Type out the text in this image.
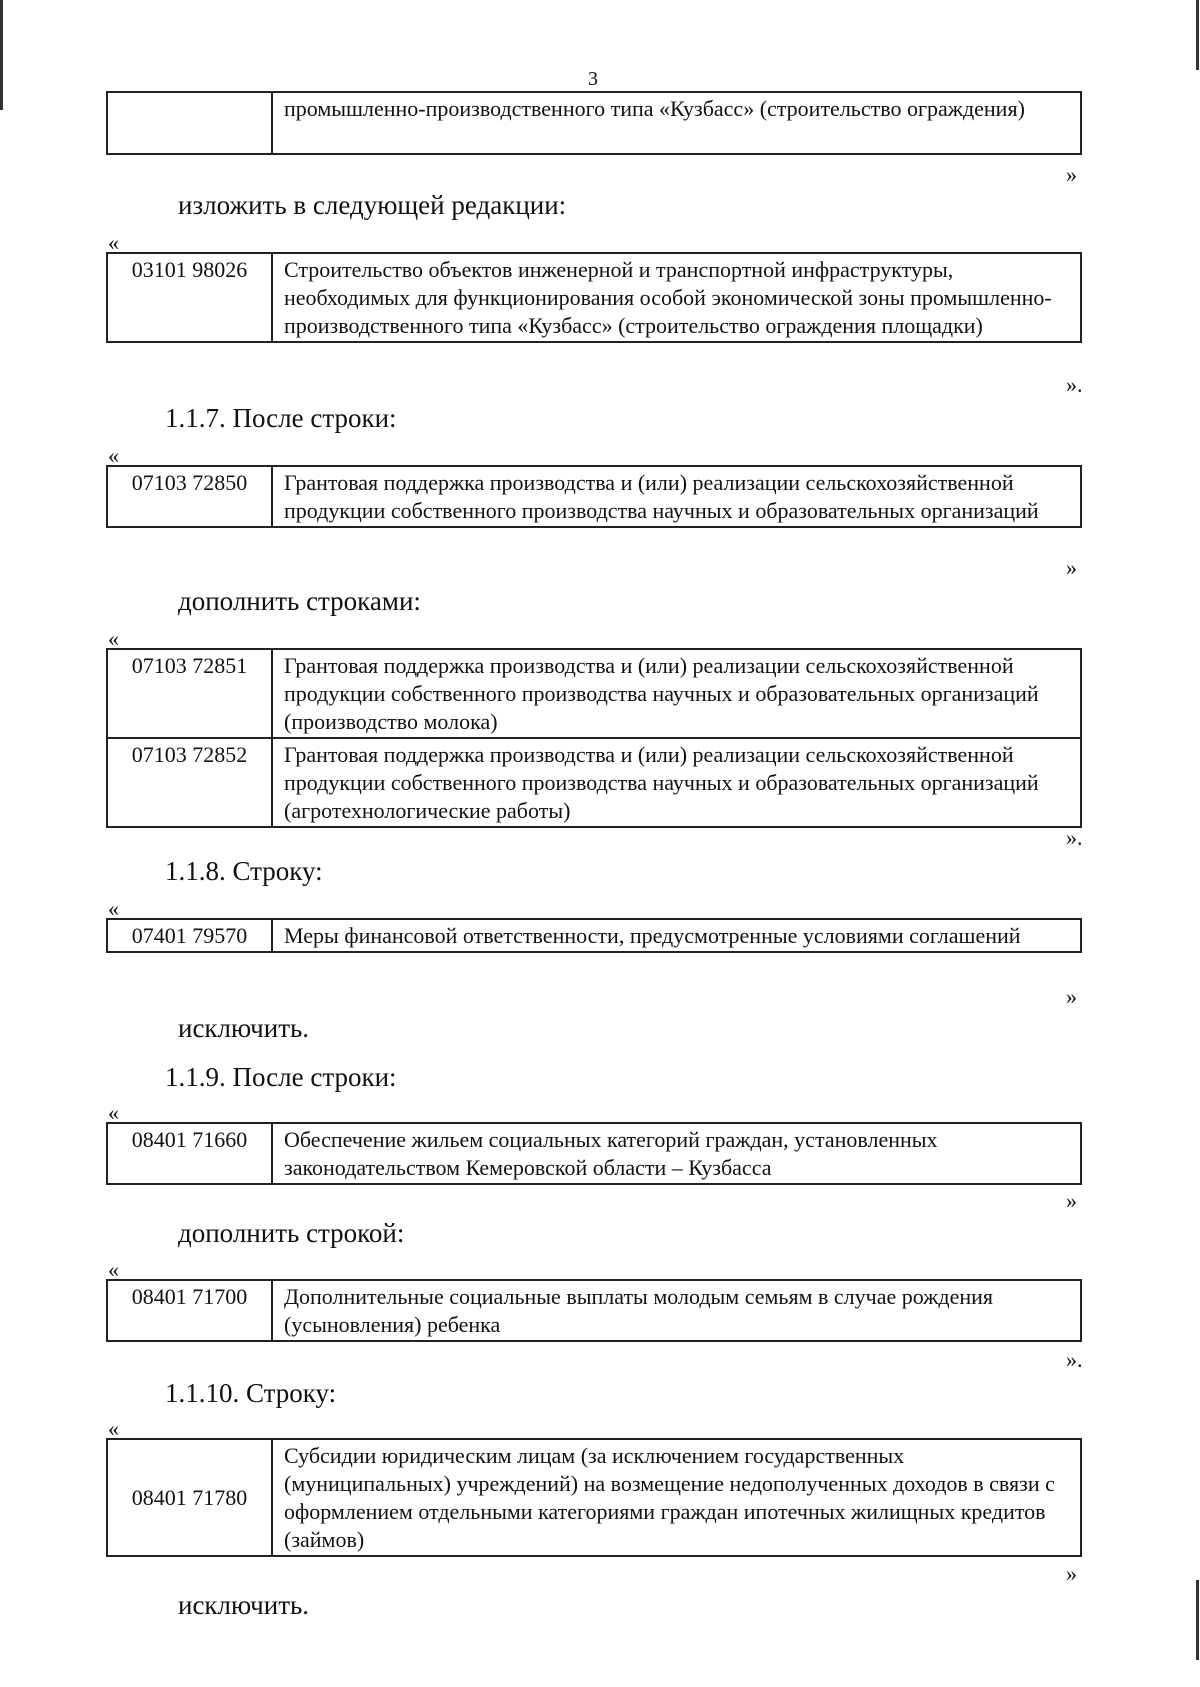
3
	промышленно-производственного типа «Кузбасс» (строительство ограждения)
»
изложить в следующей редакции:
«
03101 98026	Строительство объектов инженерной и транспортной инфраструктуры, необходимых для функционирования особой экономической зоны промышленно-производственного типа «Кузбасс» (строительство ограждения площадки)
».
1.1.7. После строки:
«
07103 72850	Грантовая поддержка производства и (или) реализации сельскохозяйственной продукции собственного производства научных и образовательных организаций
»
дополнить строками:
«
07103 72851	Грантовая поддержка производства и (или) реализации сельскохозяйственной продукции собственного производства научных и образовательных организаций (производство молока)
07103 72852	Грантовая поддержка производства и (или) реализации сельскохозяйственной продукции собственного производства научных и образовательных организаций (агротехнологические работы)
».
1.1.8. Строку:
«
07401 79570	Меры финансовой ответственности, предусмотренные условиями соглашений
»
исключить.
1.1.9. После строки:
«
08401 71660	Обеспечение жильем социальных категорий граждан, установленных законодательством Кемеровской области – Кузбасса
»
дополнить строкой:
«
08401 71700	Дополнительные социальные выплаты молодым семьям в случае рождения (усыновления) ребенка
».
1.1.10. Строку:
«
08401 71780	Субсидии юридическим лицам (за исключением государственных (муниципальных) учреждений) на возмещение недополученных доходов в связи с оформлением отдельными категориями граждан ипотечных жилищных кредитов (займов)
»
исключить.
